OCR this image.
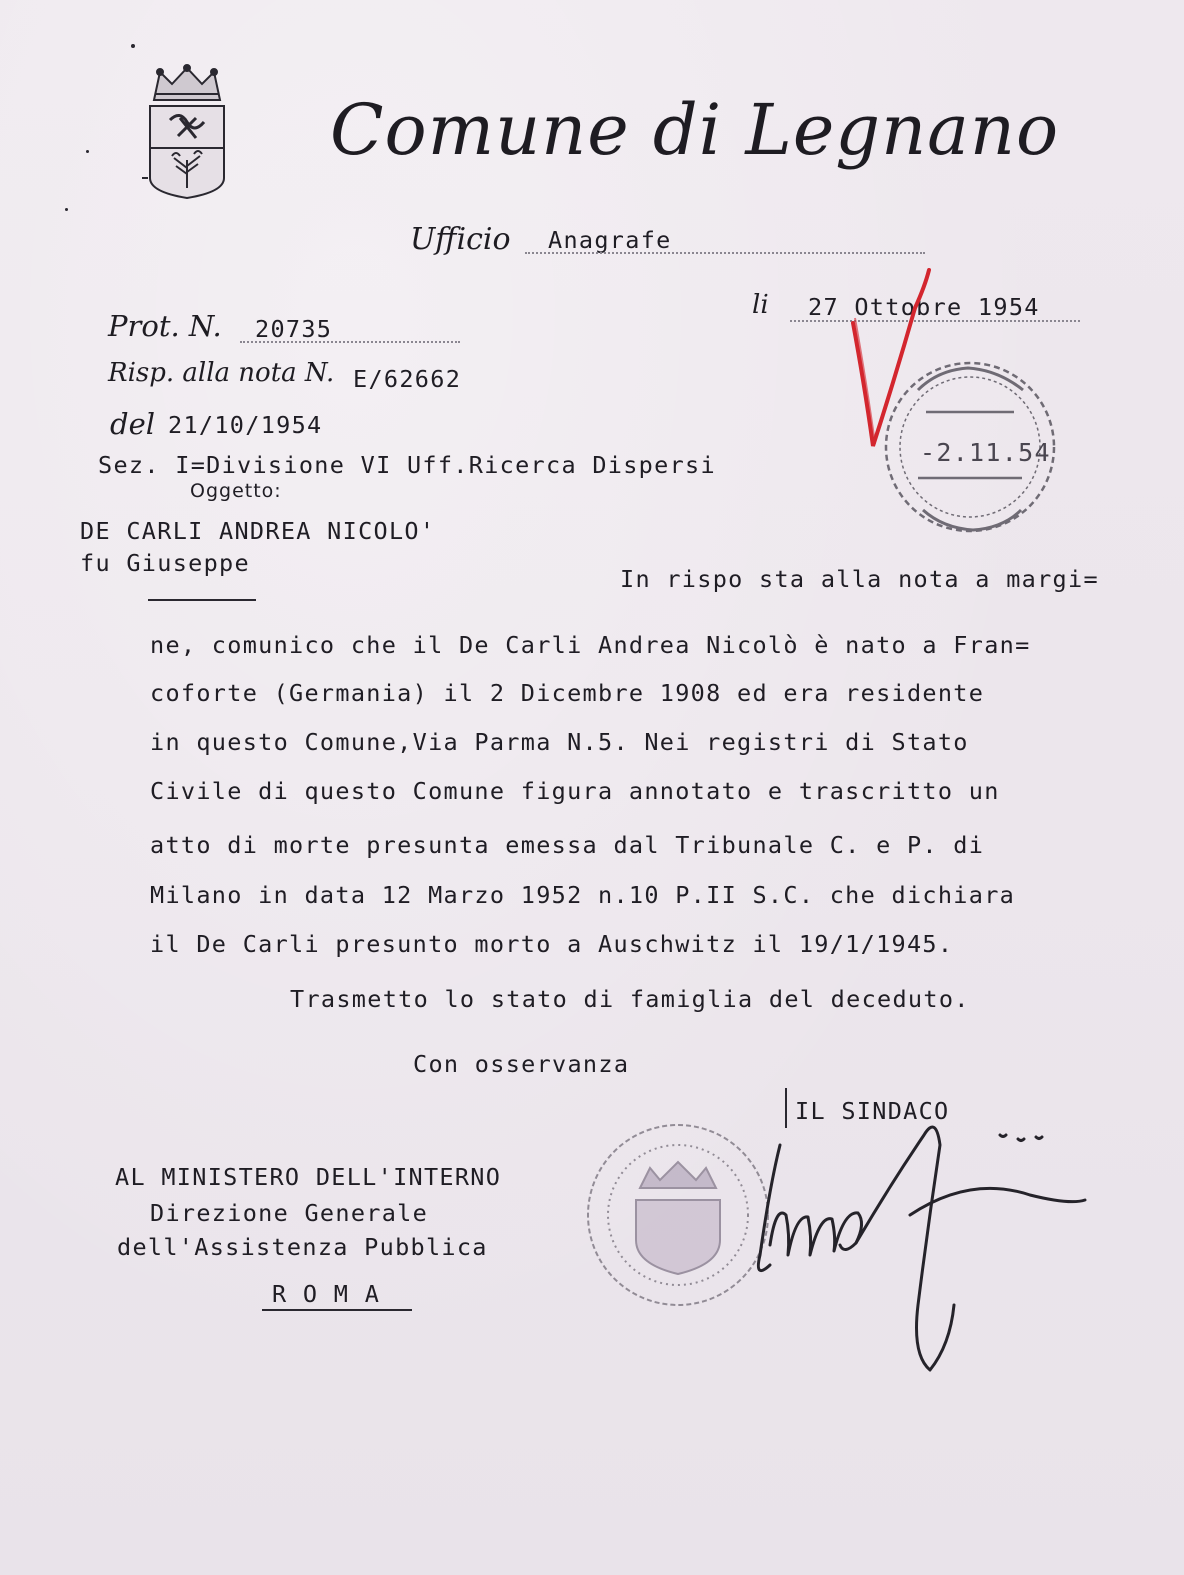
Comune di Legnano
Ufficio Anagrafe
li 27 Ottobre 1954
-2.11.54
Prot. N. 20735
Risp. alla nota N. E/62662
del 21/10/1954
Sez. I=Divisione VI Uff.Ricerca Dispersi
Oggetto:
DE CARLI ANDREA NICOLO'
fu Giuseppe
In rispo sta alla nota a margi=
ne, comunico che il De Carli Andrea Nicolò è nato a Fran=
coforte (Germania) il 2 Dicembre 1908 ed era residente
in questo Comune,Via Parma N.5. Nei registri di Stato
Civile di questo Comune figura annotato e trascritto un
atto di morte presunta emessa dal Tribunale C. e P. di
Milano in data 12 Marzo 1952 n.10 P.II S.C. che dichiara
il De Carli presunto morto a Auschwitz il 19/1/1945.
Trasmetto lo stato di famiglia del deceduto.
Con osservanza
IL SINDACO
AL MINISTERO DELL'INTERNO
Direzione Generale
dell'Assistenza Pubblica
R O M A
